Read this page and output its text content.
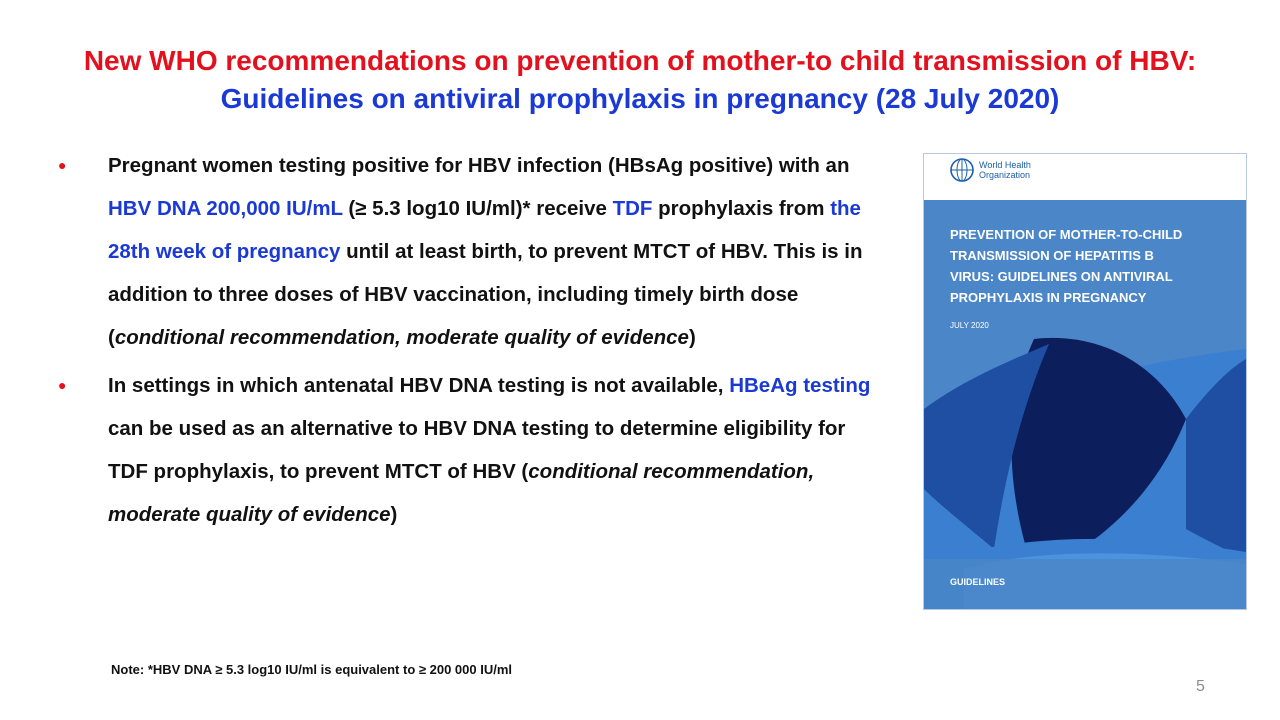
New WHO recommendations on prevention of mother-to child transmission of HBV: Guidelines on antiviral prophylaxis in pregnancy (28 July 2020)
● Pregnant women testing positive for HBV infection (HBsAg positive) with an HBV DNA 200,000 IU/mL (≥ 5.3 log10 IU/ml)* receive TDF prophylaxis from the 28th week of pregnancy until at least birth, to prevent MTCT of HBV. This is in addition to three doses of HBV vaccination, including timely birth dose (conditional recommendation, moderate quality of evidence)
● In settings in which antenatal HBV DNA testing is not available, HBeAg testing can be used as an alternative to HBV DNA testing to determine eligibility for TDF prophylaxis, to prevent MTCT of HBV (conditional recommendation, moderate quality of evidence)
World Health
Organization
PREVENTION OF MOTHER-TO-CHILD
TRANSMISSION OF HEPATITIS B
VIRUS: GUIDELINES ON ANTIVIRAL
PROPHYLAXIS IN PREGNANCY
JULY 2020
GUIDELINES
Note: *HBV DNA ≥ 5.3 log10 IU/ml is equivalent to ≥ 200 000 IU/ml
5
